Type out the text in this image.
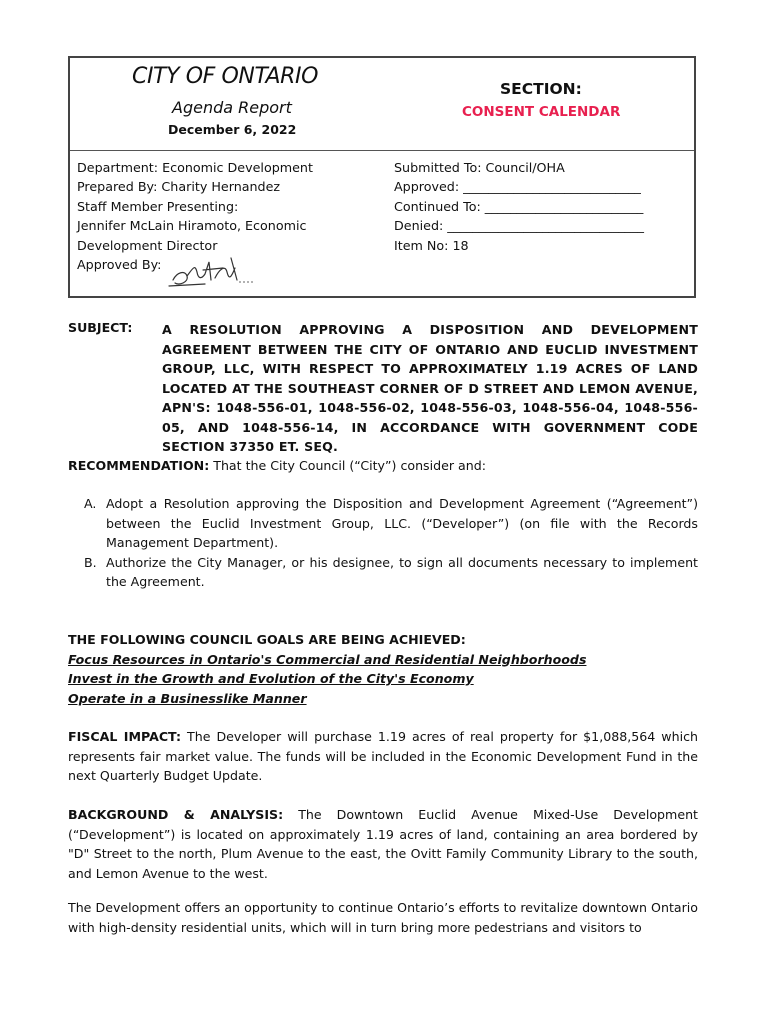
CITY OF ONTARIO
Agenda Report
December 6, 2022
SECTION:
CONSENT CALENDAR
Department: Economic Development
Prepared By: Charity Hernandez
Staff Member Presenting:
Jennifer McLain Hiramoto, Economic
Development Director
Approved By:
Submitted To: Council/OHA
Approved: ____________________________
Continued To: _________________________
Denied: _______________________________
Item No: 18
SUBJECT: A RESOLUTION APPROVING A DISPOSITION AND DEVELOPMENT AGREEMENT BETWEEN THE CITY OF ONTARIO AND EUCLID INVESTMENT GROUP, LLC, WITH RESPECT TO APPROXIMATELY 1.19 ACRES OF LAND LOCATED AT THE SOUTHEAST CORNER OF D STREET AND LEMON AVENUE, APN'S: 1048-556-01, 1048-556-02, 1048-556-03, 1048-556-04, 1048-556-05, AND 1048-556-14, IN ACCORDANCE WITH GOVERNMENT CODE SECTION 37350 ET. SEQ.
RECOMMENDATION: That the City Council (“City”) consider and:
A. Adopt a Resolution approving the Disposition and Development Agreement (“Agreement”) between the Euclid Investment Group, LLC. (“Developer”) (on file with the Records Management Department).
B. Authorize the City Manager, or his designee, to sign all documents necessary to implement the Agreement.
THE FOLLOWING COUNCIL GOALS ARE BEING ACHIEVED:
Focus Resources in Ontario's Commercial and Residential Neighborhoods
Invest in the Growth and Evolution of the City's Economy
Operate in a Businesslike Manner
FISCAL IMPACT: The Developer will purchase 1.19 acres of real property for $1,088,564 which represents fair market value. The funds will be included in the Economic Development Fund in the next Quarterly Budget Update.
BACKGROUND & ANALYSIS: The Downtown Euclid Avenue Mixed-Use Development (“Development”) is located on approximately 1.19 acres of land, containing an area bordered by "D" Street to the north, Plum Avenue to the east, the Ovitt Family Community Library to the south, and Lemon Avenue to the west.
The Development offers an opportunity to continue Ontario’s efforts to revitalize downtown Ontario with high-density residential units, which will in turn bring more pedestrians and visitors to
